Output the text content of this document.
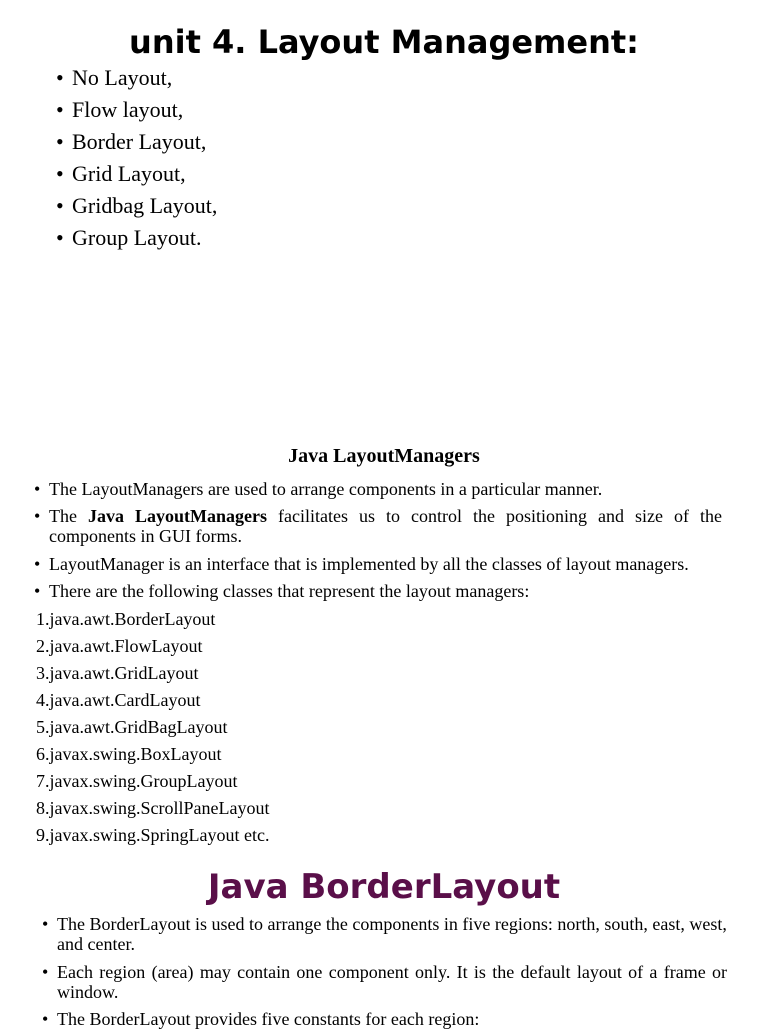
unit 4. Layout Management:
• No Layout,
• Flow layout,
• Border Layout,
• Grid Layout,
• Gridbag Layout,
• Group Layout.
Java LayoutManagers
• The LayoutManagers are used to arrange components in a particular manner.
• The Java LayoutManagers facilitates us to control the positioning and size of the components in GUI forms.
• LayoutManager is an interface that is implemented by all the classes of layout managers.
• There are the following classes that represent the layout managers:
1.java.awt.BorderLayout
2.java.awt.FlowLayout
3.java.awt.GridLayout
4.java.awt.CardLayout
5.java.awt.GridBagLayout
6.javax.swing.BoxLayout
7.javax.swing.GroupLayout
8.javax.swing.ScrollPaneLayout
9.javax.swing.SpringLayout etc.
Java BorderLayout
• The BorderLayout is used to arrange the components in five regions: north, south, east, west, and center.
• Each region (area) may contain one component only. It is the default layout of a frame or window.
• The BorderLayout provides five constants for each region:
